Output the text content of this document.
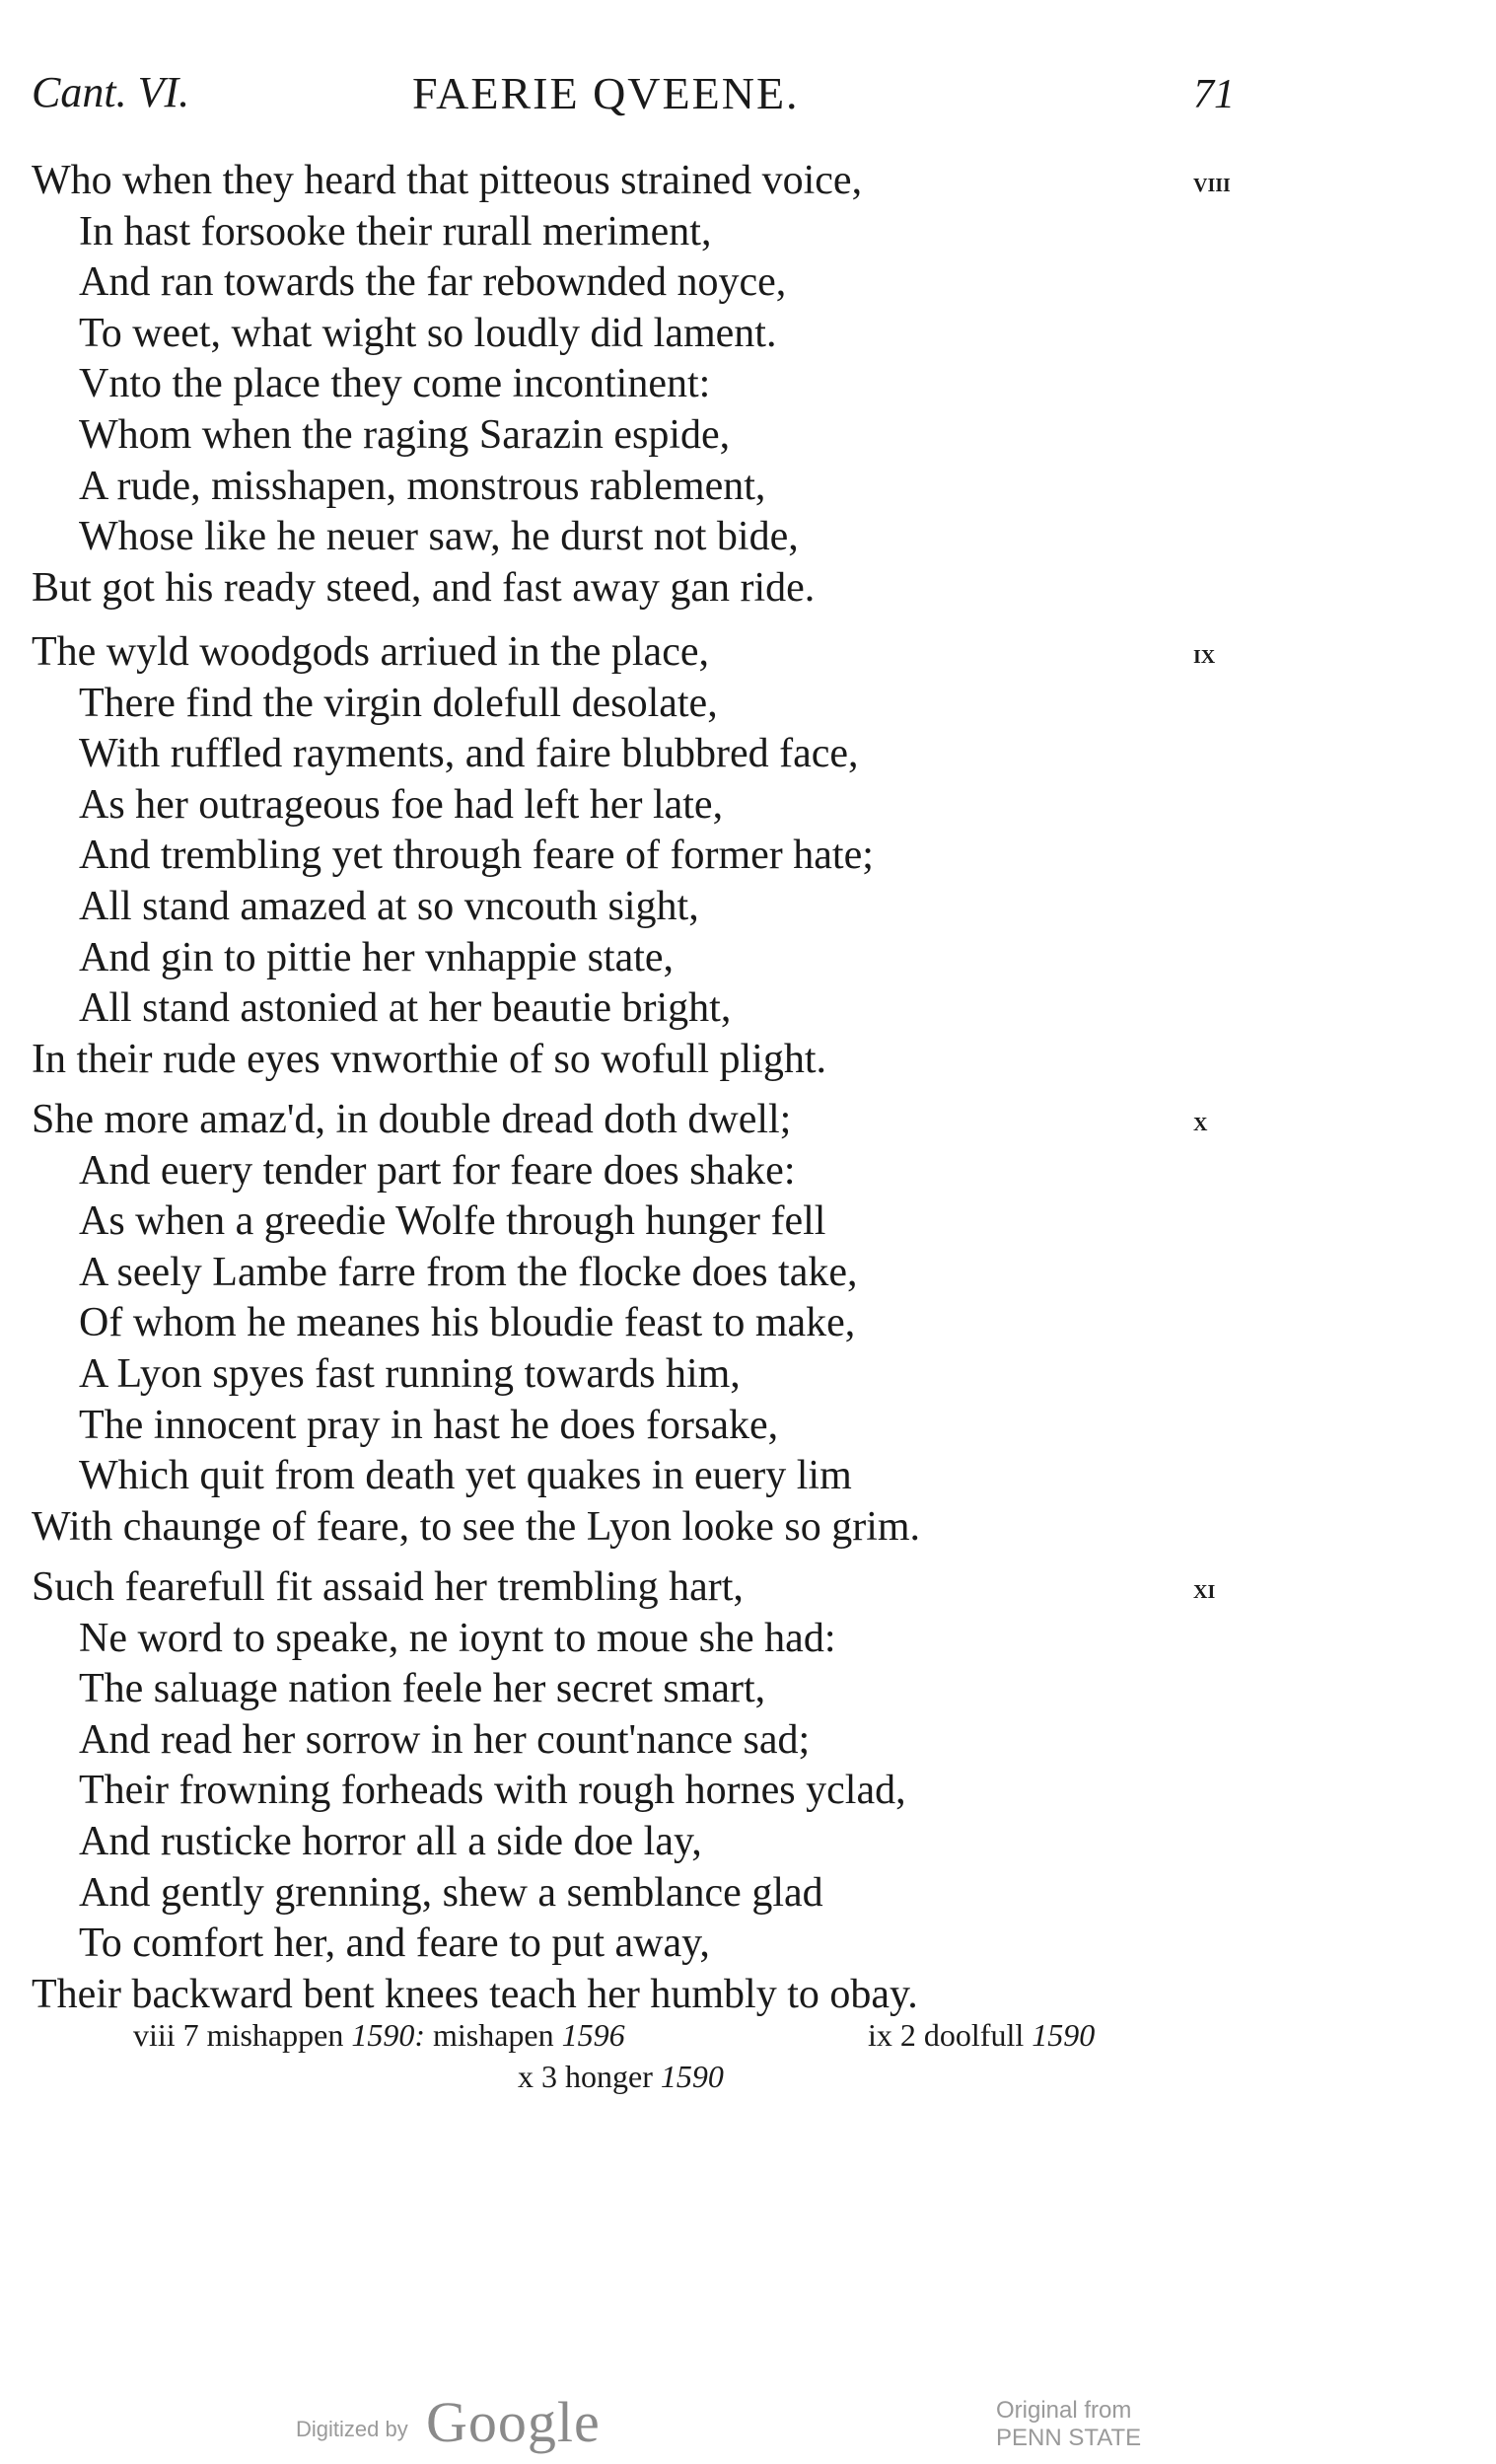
Cant. VI.	FAERIE QVEENE.	71
viii
Who when they heard that pitteous strained voice,
In hast forsooke their rurall meriment,
And ran towards the far rebownded noyce,
To weet, what wight so loudly did lament.
Vnto the place they come incontinent:
Whom when the raging Sarazin espide,
A rude, misshapen, monstrous rablement,
Whose like he neuer saw, he durst not bide,
But got his ready steed, and fast away gan ride.
ix
The wyld woodgods arriued in the place,
There find the virgin dolefull desolate,
With ruffled rayments, and faire blubbred face,
As her outrageous foe had left her late,
And trembling yet through feare of former hate;
All stand amazed at so vncouth sight,
And gin to pittie her vnhappie state,
All stand astonied at her beautie bright,
In their rude eyes vnworthie of so wofull plight.
x
She more amaz'd, in double dread doth dwell;
And euery tender part for feare does shake:
As when a greedie Wolfe through hunger fell
A seely Lambe farre from the flocke does take,
Of whom he meanes his bloudie feast to make,
A Lyon spyes fast running towards him,
The innocent pray in hast he does forsake,
Which quit from death yet quakes in euery lim
With chaunge of feare, to see the Lyon looke so grim.
xi
Such fearefull fit assaid her trembling hart,
Ne word to speake, ne ioynt to moue she had:
The saluage nation feele her secret smart,
And read her sorrow in her count'nance sad;
Their frowning forheads with rough hornes yclad,
And rusticke horror all a side doe lay,
And gently grenning, shew a semblance glad
To comfort her, and feare to put away,
Their backward bent knees teach her humbly to obay.
viii 7 mishappen 1590: mishapen 1596	ix 2 doolfull 1590
x 3 honger 1590
Digitized by Google	Original from
PENN STATE
